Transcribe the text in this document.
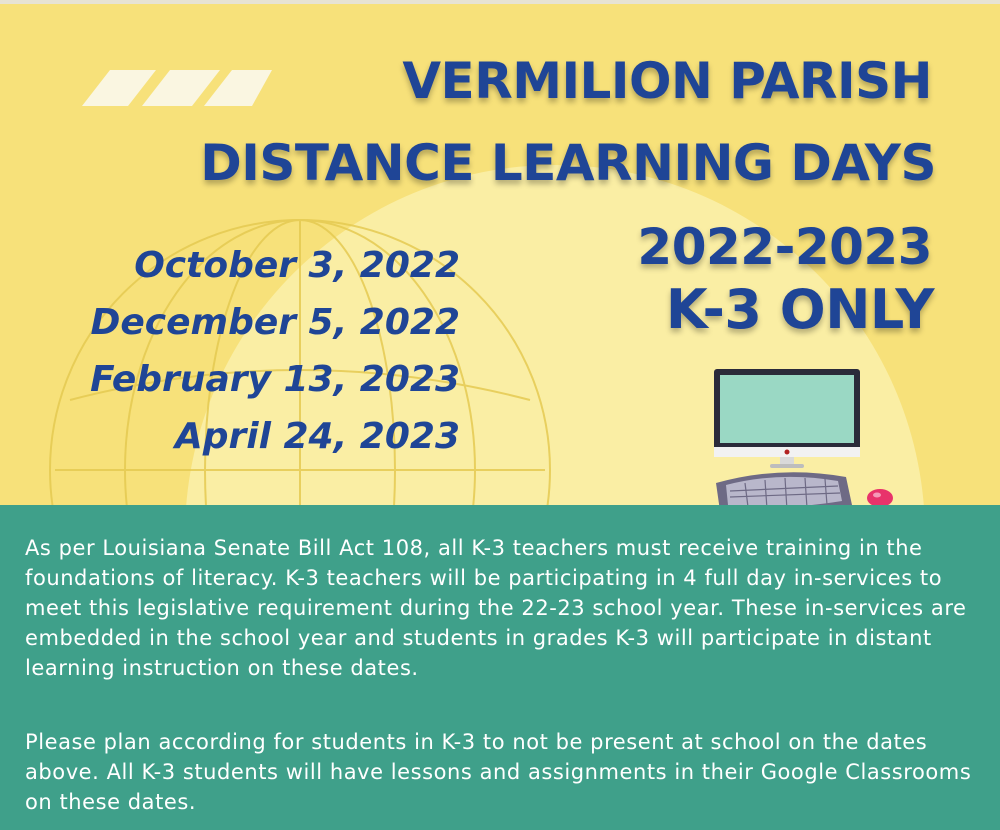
VERMILION PARISH
DISTANCE LEARNING DAYS
2022-2023
K-3 ONLY
October 3, 2022
December 5, 2022
February 13, 2023
April 24, 2023

As per Louisiana Senate Bill Act 108, all K-3 teachers must receive training in the foundations of literacy. K-3 teachers will be participating in 4 full day in-services to meet this legislative requirement during the 22-23 school year. These in-services are embedded in the school year and students in grades K-3 will participate in distant learning instruction on these dates.

Please plan according for students in K-3 to not be present at school on the dates above. All K-3 students will have lessons and assignments in their Google Classrooms on these dates.
